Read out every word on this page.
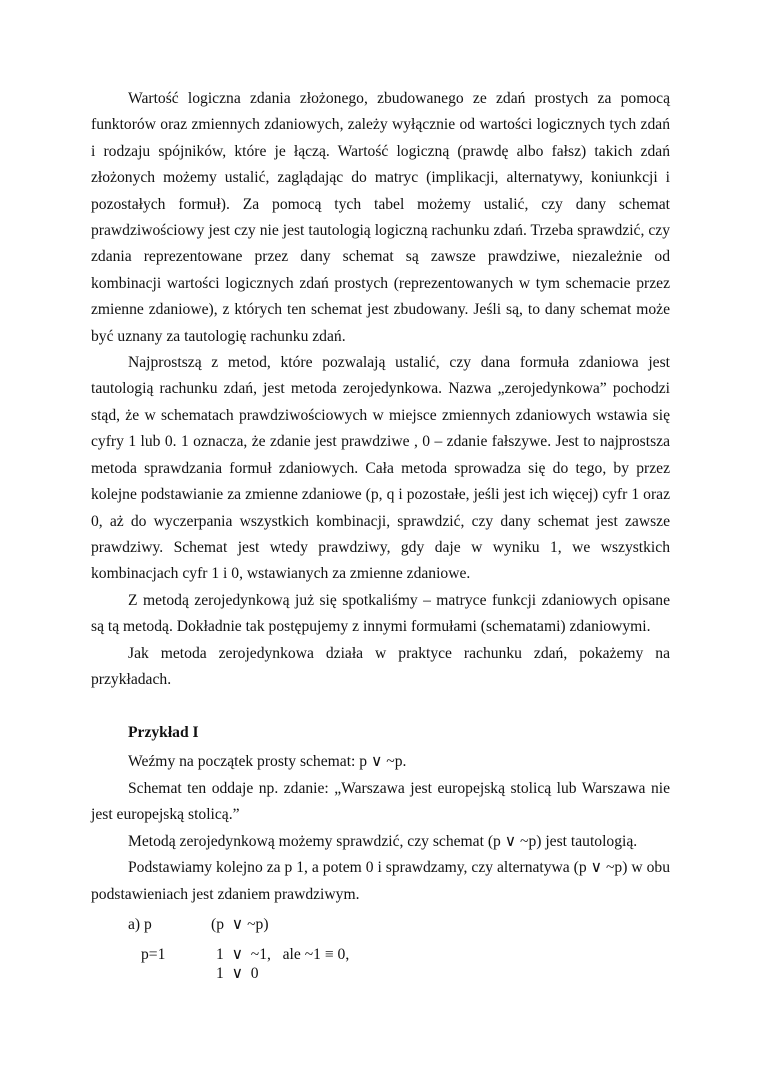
Wartość logiczna zdania złożonego, zbudowanego ze zdań prostych za pomocą funktorów oraz zmiennych zdaniowych, zależy wyłącznie od wartości logicznych tych zdań i rodzaju spójników, które je łączą. Wartość logiczną (prawdę albo fałsz) takich zdań złożonych możemy ustalić, zaglądając do matryc (implikacji, alternatywy, koniunkcji i pozostałych formuł). Za pomocą tych tabel możemy ustalić, czy dany schemat prawdziwościowy jest czy nie jest tautologią logiczną rachunku zdań. Trzeba sprawdzić, czy zdania reprezentowane przez dany schemat są zawsze prawdziwe, niezależnie od kombinacji wartości logicznych zdań prostych (reprezentowanych w tym schemacie przez zmienne zdaniowe), z których ten schemat jest zbudowany. Jeśli są, to dany schemat może być uznany za tautologię rachunku zdań.

Najprostszą z metod, które pozwalają ustalić, czy dana formuła zdaniowa jest tautologią rachunku zdań, jest metoda zerojedynkowa. Nazwa „zerojedynkowa” pochodzi stąd, że w schematach prawdziwościowych w miejsce zmiennych zdaniowych wstawia się cyfry 1 lub 0. 1 oznacza, że zdanie jest prawdziwe , 0 – zdanie fałszywe. Jest to najprostsza metoda sprawdzania formuł zdaniowych. Cała metoda sprowadza się do tego, by przez kolejne podstawianie za zmienne zdaniowe (p, q i pozostałe, jeśli jest ich więcej) cyfr 1 oraz 0, aż do wyczerpania wszystkich kombinacji, sprawdzić, czy dany schemat jest zawsze prawdziwy. Schemat jest wtedy prawdziwy, gdy daje w wyniku 1, we wszystkich kombinacjach cyfr 1 i 0, wstawianych za zmienne zdaniowe.

Z metodą zerojedynkową już się spotkaliśmy – matryce funkcji zdaniowych opisane są tą metodą. Dokładnie tak postępujemy z innymi formułami (schematami) zdaniowymi.

Jak metoda zerojedynkowa działa w praktyce rachunku zdań, pokażemy na przykładach.

Przykład I

Weźmy na początek prosty schemat: p ∨ ~p.

Schemat ten oddaje np. zdanie: „Warszawa jest europejską stolicą lub Warszawa nie jest europejską stolicą.”

Metodą zerojedynkową możemy sprawdzić, czy schemat (p ∨ ~p) jest tautologią.

Podstawiamy kolejno za p 1, a potem 0 i sprawdzamy, czy alternatywa (p ∨ ~p) w obu podstawieniach jest zdaniem prawdziwym.

a) p	(p  ∨ ~p)
p=1	1  ∨  ~1,   ale ~1 ≡ 0,
1  ∨  0
